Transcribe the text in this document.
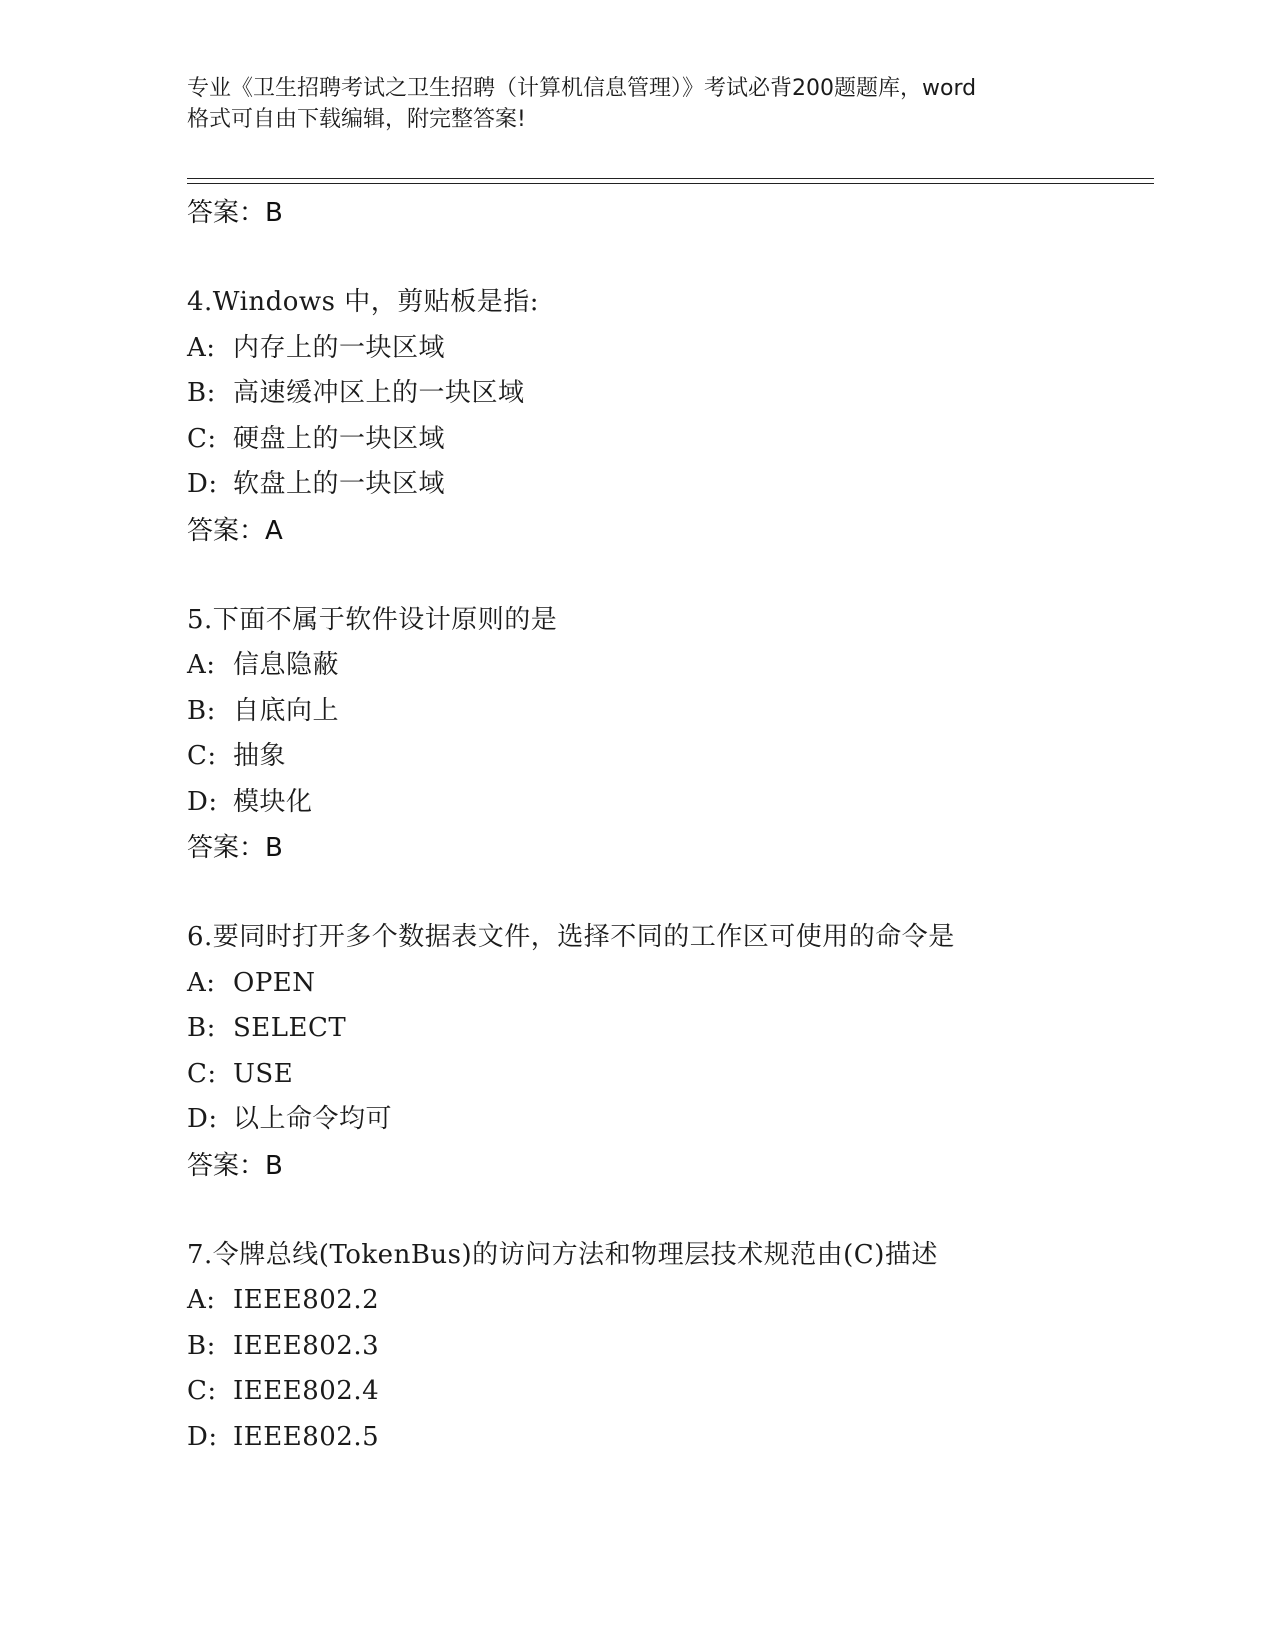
专业《卫生招聘考试之卫生招聘（计算机信息管理）》考试必背200题题库，word
格式可自由下载编辑，附完整答案!
答案：B
4.Windows 中，剪贴板是指:
A: 内存上的一块区域
B: 高速缓冲区上的一块区域
C: 硬盘上的一块区域
D: 软盘上的一块区域
答案：A
5.下面不属于软件设计原则的是
A: 信息隐蔽
B: 自底向上
C: 抽象
D: 模块化
答案：B
6.要同时打开多个数据表文件，选择不同的工作区可使用的命令是
A: OPEN
B: SELECT
C: USE
D: 以上命令均可
答案：B
7.令牌总线(TokenBus)的访问方法和物理层技术规范由(C)描述
A: IEEE802.2
B: IEEE802.3
C: IEEE802.4
D: IEEE802.5
